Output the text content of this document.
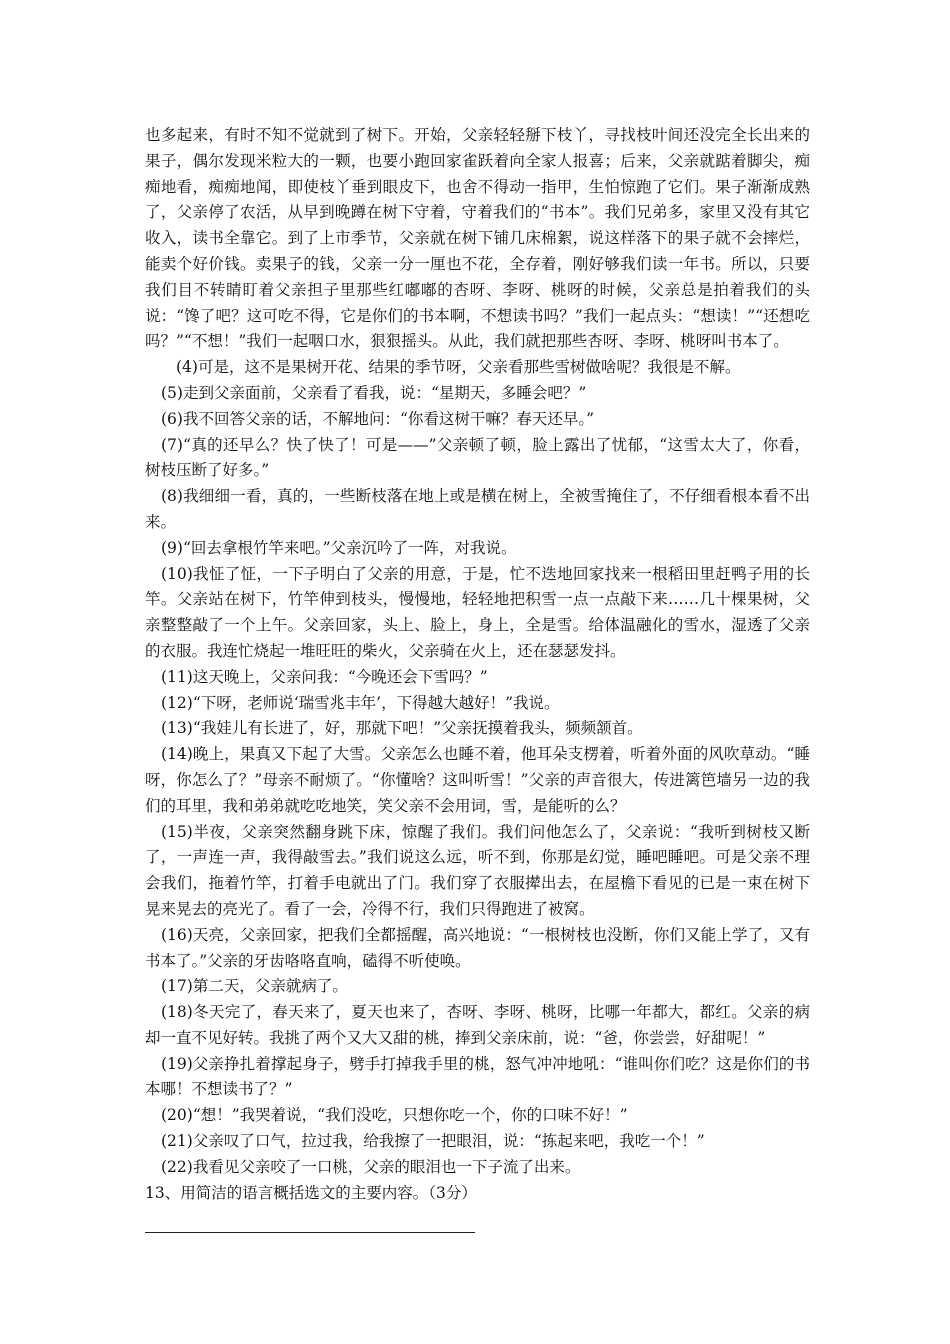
也多起来，有时不知不觉就到了树下。开始，父亲轻轻掰下枝丫，寻找枝叶间还没完全长出来的果子，偶尔发现米粒大的一颗，也要小跑回家雀跃着向全家人报喜；后来，父亲就踮着脚尖，痴痴地看，痴痴地闻，即使枝丫垂到眼皮下，也舍不得动一指甲，生怕惊跑了它们。果子渐渐成熟了，父亲停了农活，从早到晚蹲在树下守着，守着我们的“书本”。我们兄弟多，家里又没有其它收入，读书全靠它。到了上市季节，父亲就在树下铺几床棉絮，说这样落下的果子就不会摔烂，能卖个好价钱。卖果子的钱，父亲一分一厘也不花，全存着，刚好够我们读一年书。所以，只要我们目不转睛盯着父亲担子里那些红嘟嘟的杏呀、李呀、桃呀的时候，父亲总是拍着我们的头说：“馋了吧？这可吃不得，它是你们的书本啊，不想读书吗？”我们一起点头：“想读！”“还想吃吗？”“不想！”我们一起咽口水，狠狠摇头。从此，我们就把那些杏呀、李呀、桃呀叫书本了。

(4)可是，这不是果树开花、结果的季节呀，父亲看那些雪树做啥呢？我很是不解。

(5)走到父亲面前，父亲看了看我，说：“星期天，多睡会吧？”

(6)我不回答父亲的话，不解地问：“你看这树干嘛？春天还早。”

(7)“真的还早么？快了快了！可是——”父亲顿了顿，脸上露出了忧郁，“这雪太大了，你看，树枝压断了好多。”

(8)我细细一看，真的，一些断枝落在地上或是横在树上，全被雪掩住了，不仔细看根本看不出来。

(9)“回去拿根竹竿来吧。”父亲沉吟了一阵，对我说。

(10)我怔了怔，一下子明白了父亲的用意，于是，忙不迭地回家找来一根稻田里赶鸭子用的长竿。父亲站在树下，竹竿伸到枝头，慢慢地，轻轻地把积雪一点一点敲下来……几十棵果树，父亲整整敲了一个上午。父亲回家，头上、脸上，身上，全是雪。给体温融化的雪水，湿透了父亲的衣服。我连忙烧起一堆旺旺的柴火，父亲骑在火上，还在瑟瑟发抖。

(11)这天晚上，父亲问我：“今晚还会下雪吗？”

(12)“下呀，老师说‘瑞雪兆丰年’，下得越大越好！”我说。

(13)“我娃儿有长进了，好，那就下吧！”父亲抚摸着我头，频频颔首。

(14)晚上，果真又下起了大雪。父亲怎么也睡不着，他耳朵支楞着，听着外面的风吹草动。“睡呀，你怎么了？”母亲不耐烦了。“你懂啥？这叫听雪！”父亲的声音很大，传进篱笆墙另一边的我们的耳里，我和弟弟就吃吃地笑，笑父亲不会用词，雪，是能听的么？

(15)半夜，父亲突然翻身跳下床，惊醒了我们。我们问他怎么了，父亲说：“我听到树枝又断了，一声连一声，我得敲雪去。”我们说这么远，听不到，你那是幻觉，睡吧睡吧。可是父亲不理会我们，拖着竹竿，打着手电就出了门。我们穿了衣服撵出去，在屋檐下看见的已是一束在树下晃来晃去的亮光了。看了一会，冷得不行，我们只得跑进了被窝。

(16)天亮，父亲回家，把我们全都摇醒，高兴地说：“一根树枝也没断，你们又能上学了，又有书本了。”父亲的牙齿咯咯直响，磕得不听使唤。

(17)第二天，父亲就病了。

(18)冬天完了，春天来了，夏天也来了，杏呀、李呀、桃呀，比哪一年都大，都红。父亲的病却一直不见好转。我挑了两个又大又甜的桃，捧到父亲床前，说：“爸，你尝尝，好甜呢！”

(19)父亲挣扎着撑起身子，劈手打掉我手里的桃，怒气冲冲地吼：“谁叫你们吃？这是你们的书本哪！不想读书了？”

(20)“想！”我哭着说，“我们没吃，只想你吃一个，你的口味不好！”

(21)父亲叹了口气，拉过我，给我擦了一把眼泪，说：“拣起来吧，我吃一个！”

(22)我看见父亲咬了一口桃，父亲的眼泪也一下子流了出来。

13、用简洁的语言概括选文的主要内容。（3分）
